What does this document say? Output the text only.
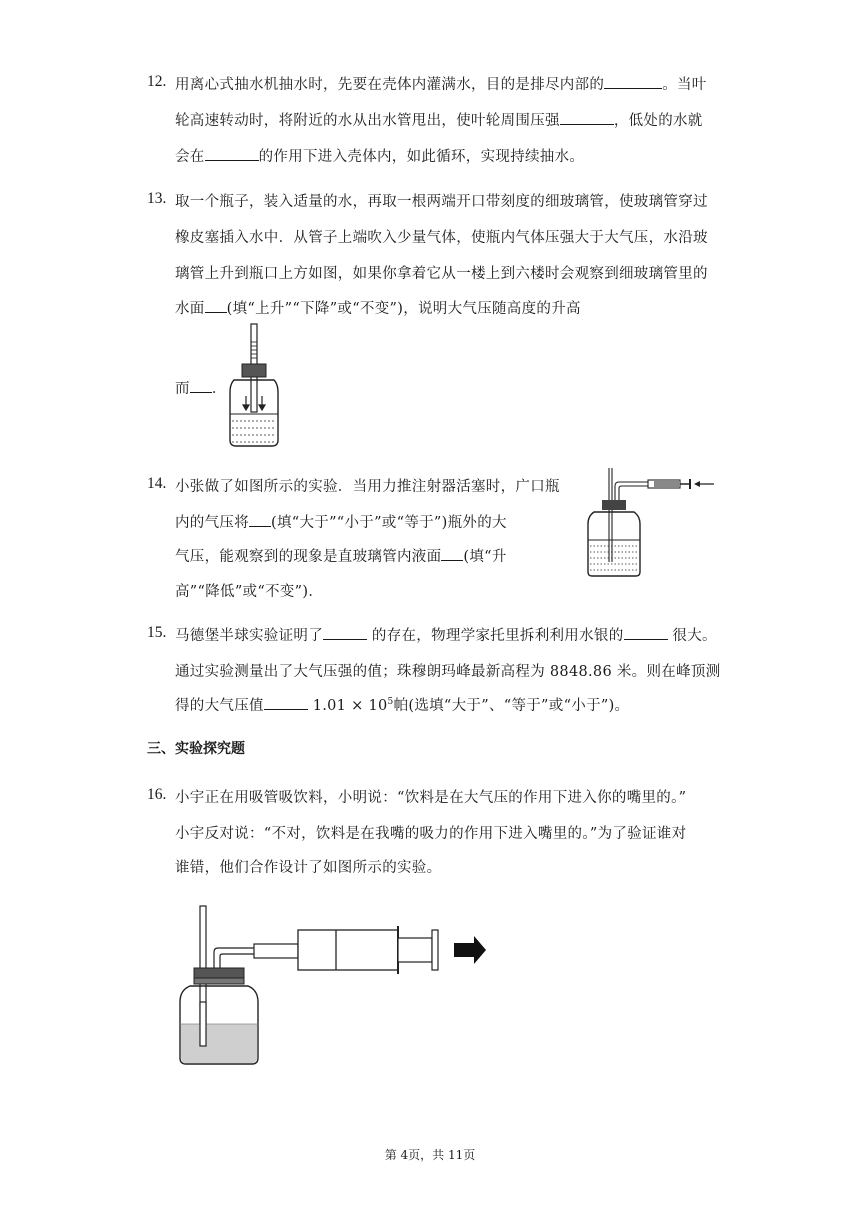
12. 用离心式抽水机抽水时，先要在壳体内灌满水，目的是排尽内部的	。当叶
轮高速转动时，将附近的水从出水管甩出，使叶轮周围压强	，低处的水就
会在	的作用下进入壳体内，如此循环，实现持续抽水。
13. 取一个瓶子，装入适量的水，再取一根两端开口带刻度的细玻璃管，使玻璃管穿过
橡皮塞插入水中．从管子上端吹入少量气体，使瓶内气体压强大于大气压，水沿玻
璃管上升到瓶口上方如图，如果你拿着它从一楼上到六楼时会观察到细玻璃管里的
水面 (填“上升”“下降”或“不变”)，说明大气压随高度的升高
而 ．
14. 小张做了如图所示的实验．当用力推注射器活塞时，广口瓶
内的气压将 (填“大于”“小于”或“等于”)瓶外的大
气压，能观察到的现象是直玻璃管内液面 (填“升
高”“降低”或“不变”)．
15. 马德堡半球实验证明了	的存在，物理学家托里拆利利用水银的	很大。
通过实验测量出了大气压强的值；珠穆朗玛峰最新高程为 8848.86 米。则在峰顶测
得的大气压值	$1.01 \times 10^5$帕(选填“大于”、“等于”或“小于”)。
三、实验探究题
16. 小宇正在用吸管吸饮料，小明说：“饮料是在大气压的作用下进入你的嘴里的。”
小宇反对说：“不对，饮料是在我嘴的吸力的作用下进入嘴里的。”为了验证谁对
谁错，他们合作设计了如图所示的实验。
第 4页，共 11页
